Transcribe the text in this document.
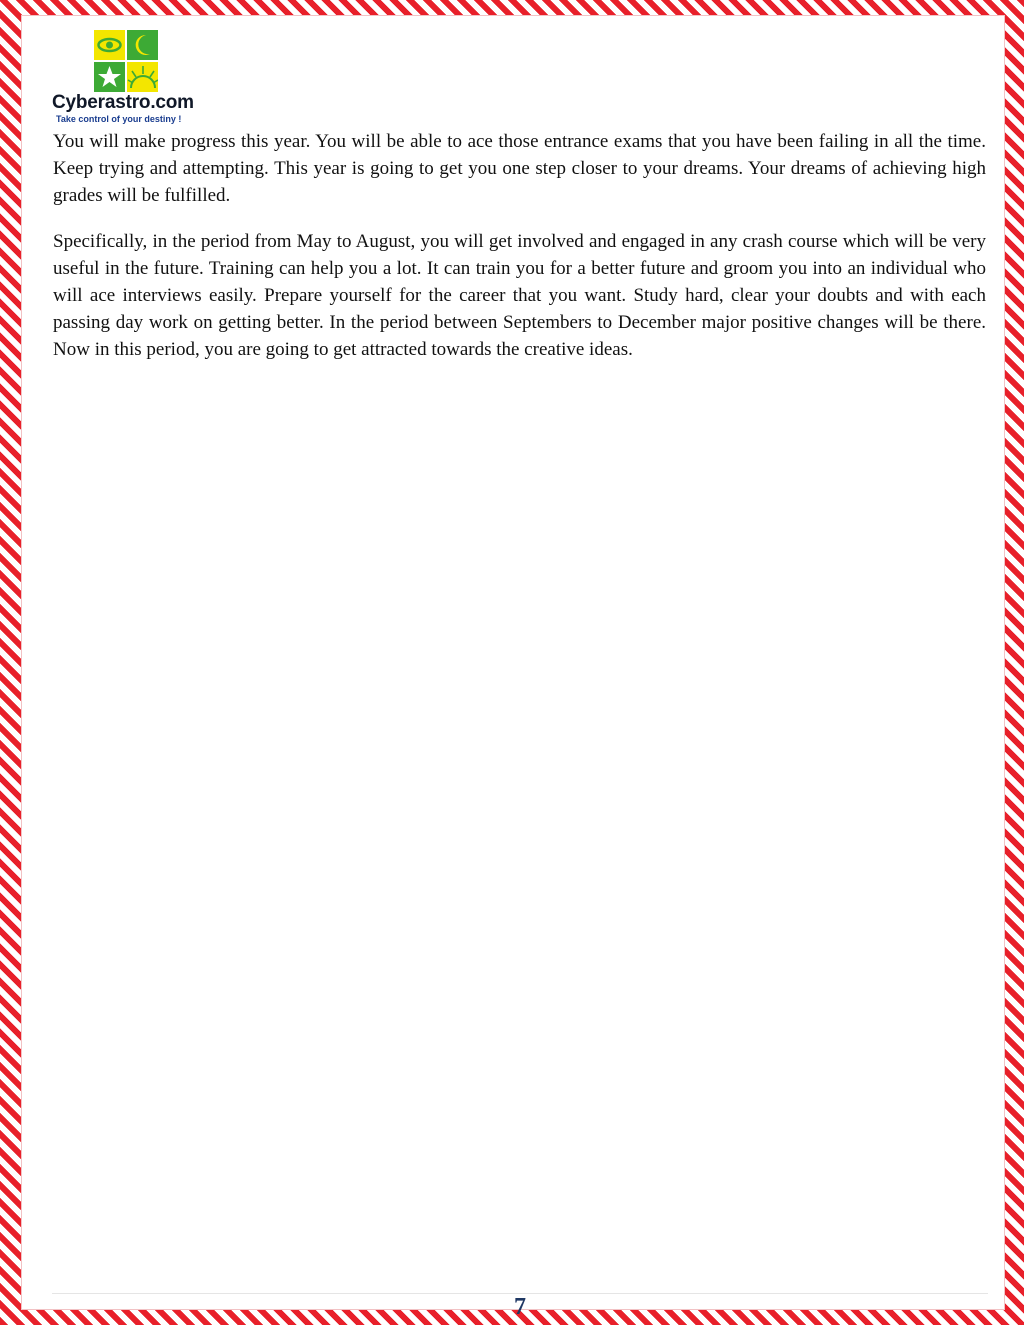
Cyberastro.com
Take control of your destiny !

You will make progress this year. You will be able to ace those entrance exams that you have been failing in all the time. Keep trying and attempting. This year is going to get you one step closer to your dreams. Your dreams of achieving high grades will be fulfilled.

Specifically, in the period from May to August, you will get involved and engaged in any crash course which will be very useful in the future. Training can help you a lot. It can train you for a better future and groom you into an individual who will ace interviews easily. Prepare yourself for the career that you want. Study hard, clear your doubts and with each passing day work on getting better. In the period between Septembers to December major positive changes will be there. Now in this period, you are going to get attracted towards the creative ideas.

7
